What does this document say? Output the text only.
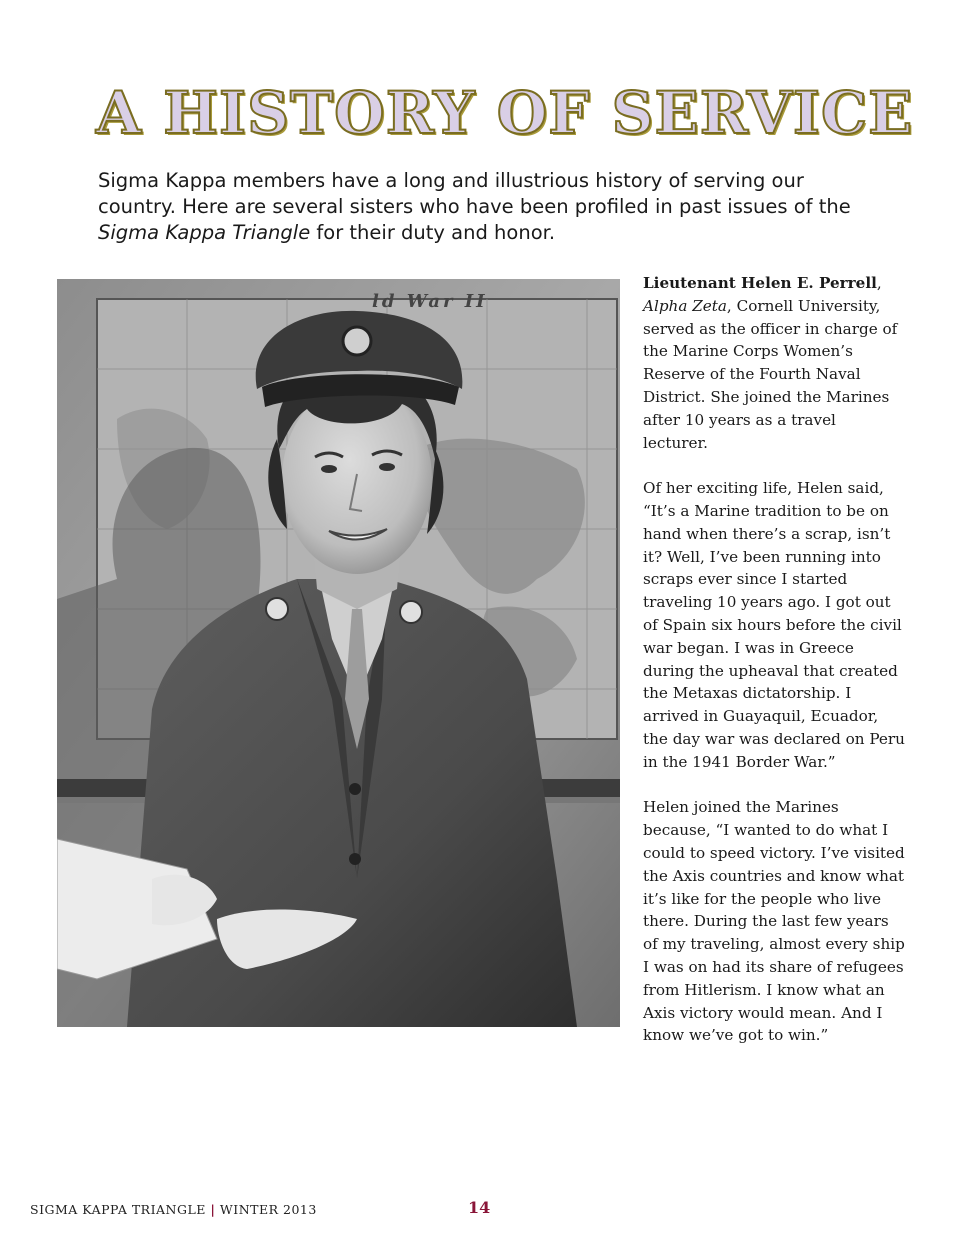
A HISTORY OF SERVICE
Sigma Kappa members have a long and illustrious history of serving our country. Here are several sisters who have been profiled in past issues of the Sigma Kappa Triangle for their duty and honor.
ld War II

Lieutenant Helen E. Perrell, Alpha Zeta, Cornell University, served as the officer in charge of the Marine Corps Women’s Reserve of the Fourth Naval District. She joined the Marines after 10 years as a travel lecturer.

Of her exciting life, Helen said, “It’s a Marine tradition to be on hand when there’s a scrap, isn’t it? Well, I’ve been running into scraps ever since I started traveling 10 years ago. I got out of Spain six hours before the civil war began. I was in Greece during the upheaval that created the Metaxas dictatorship. I arrived in Guayaquil, Ecuador, the day war was declared on Peru in the 1941 Border War.”

Helen joined the Marines because, “I wanted to do what I could to speed victory. I’ve visited the Axis countries and know what it’s like for the people who live there. During the last few years of my traveling, almost every ship I was on had its share of refugees from Hitlerism. I know what an Axis victory would mean. And I know we’ve got to win.”

SIGMA KAPPA TRIANGLE | WINTER 2013	14
